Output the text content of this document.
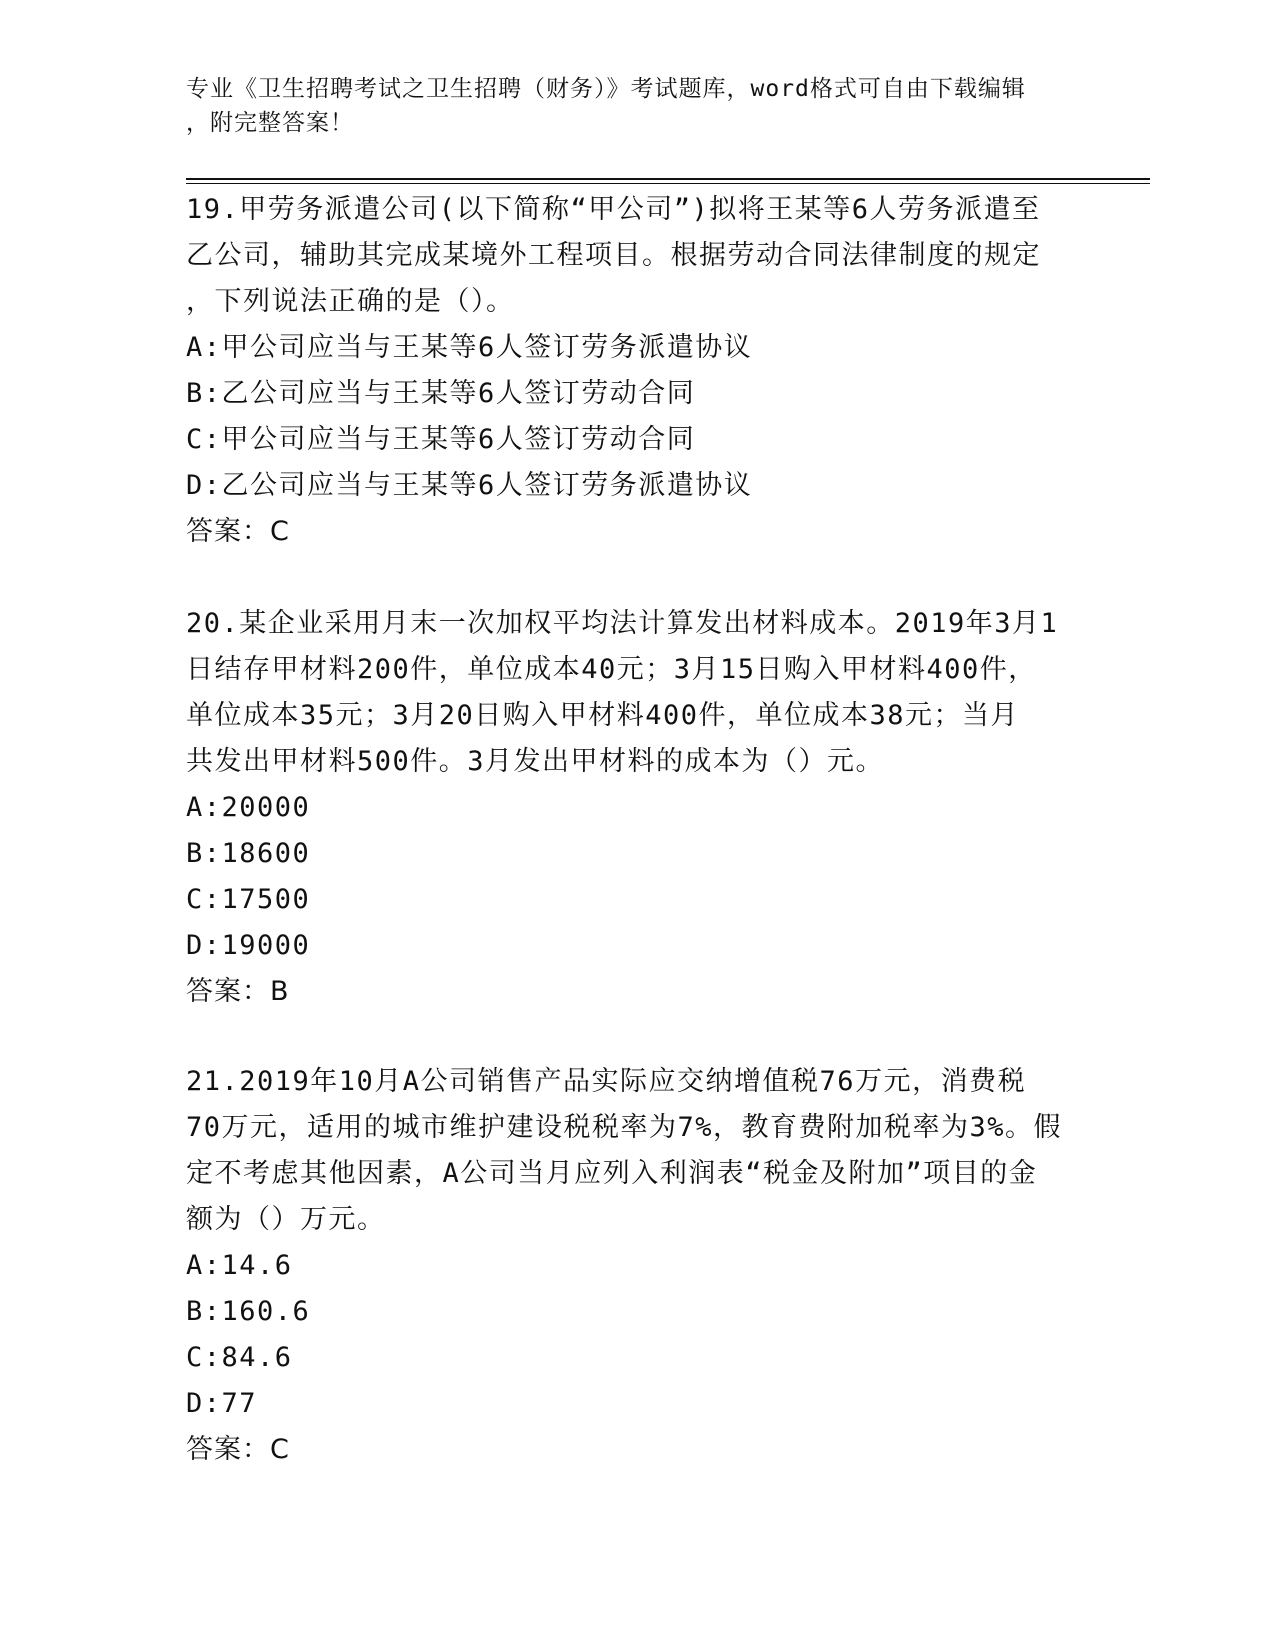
专业《卫生招聘考试之卫生招聘（财务）》考试题库，word格式可自由下载编辑
，附完整答案！
19.甲劳务派遣公司(以下简称“甲公司”)拟将王某等6人劳务派遣至
乙公司，辅助其完成某境外工程项目。根据劳动合同法律制度的规定
，下列说法正确的是（）。
A:甲公司应当与王某等6人签订劳务派遣协议
B:乙公司应当与王某等6人签订劳动合同
C:甲公司应当与王某等6人签订劳动合同
D:乙公司应当与王某等6人签订劳务派遣协议
答案：C
20.某企业采用月末一次加权平均法计算发出材料成本。2019年3月1
日结存甲材料200件，单位成本40元；3月15日购入甲材料400件，
单位成本35元；3月20日购入甲材料400件，单位成本38元；当月
共发出甲材料500件。3月发出甲材料的成本为（）元。
A:20000
B:18600
C:17500
D:19000
答案：B
21.2019年10月A公司销售产品实际应交纳增值税76万元，消费税
70万元，适用的城市维护建设税税率为7%，教育费附加税率为3%。假
定不考虑其他因素，A公司当月应列入利润表“税金及附加”项目的金
额为（）万元。
A:14.6
B:160.6
C:84.6
D:77
答案：C
